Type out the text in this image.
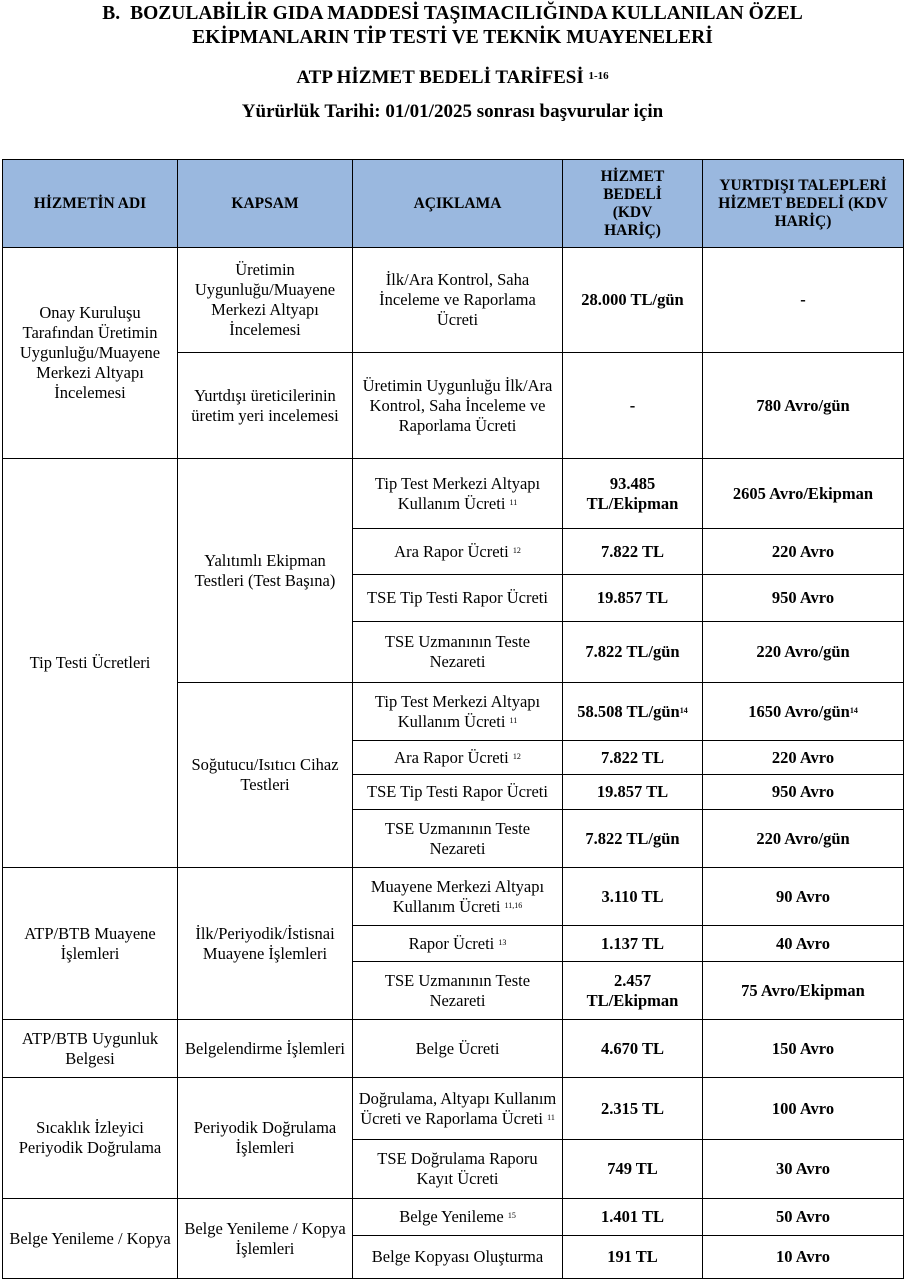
B. BOZULABİLİR GIDA MADDESİ TAŞIMACILIĞINDA KULLANILAN ÖZEL
EKİPMANLARIN TİP TESTİ VE TEKNİK MUAYENELERİ
ATP HİZMET BEDELİ TARİFESİ $^{1-16}$
Yürürlük Tarihi: 01/01/2025 sonrası başvurular için
HİZMETİN ADI	KAPSAM	AÇIKLAMA	HİZMET BEDELİ (KDV HARİÇ)	YURTDIŞI TALEPLERİ HİZMET BEDELİ (KDV HARİÇ)
Onay Kuruluşu Tarafından Üretimin Uygunluğu/Muayene Merkezi Altyapı İncelemesi	Üretimin Uygunluğu/Muayene Merkezi Altyapı İncelemesi	İlk/Ara Kontrol, Saha İnceleme ve Raporlama Ücreti	28.000 TL/gün	-
	Yurtdışı üreticilerinin üretim yeri incelemesi	Üretimin Uygunluğu İlk/Ara Kontrol, Saha İnceleme ve Raporlama Ücreti	-	780 Avro/gün
Tip Testi Ücretleri	Yalıtımlı Ekipman Testleri (Test Başına)	Tip Test Merkezi Altyapı Kullanım Ücreti $^{11}$	93.485 TL/Ekipman	2605 Avro/Ekipman
		Ara Rapor Ücreti $^{12}$	7.822 TL	220 Avro
		TSE Tip Testi Rapor Ücreti	19.857 TL	950 Avro
		TSE Uzmanının Teste Nezareti	7.822 TL/gün	220 Avro/gün
	Soğutucu/Isıtıcı Cihaz Testleri	Tip Test Merkezi Altyapı Kullanım Ücreti $^{11}$	58.508 TL/gün$^{14}$	1650 Avro/gün$^{14}$
		Ara Rapor Ücreti $^{12}$	7.822 TL	220 Avro
		TSE Tip Testi Rapor Ücreti	19.857 TL	950 Avro
		TSE Uzmanının Teste Nezareti	7.822 TL/gün	220 Avro/gün
ATP/BTB Muayene İşlemleri	İlk/Periyodik/İstisnai Muayene İşlemleri	Muayene Merkezi Altyapı Kullanım Ücreti $^{11,16}$	3.110 TL	90 Avro
		Rapor Ücreti $^{13}$	1.137 TL	40 Avro
		TSE Uzmanının Teste Nezareti	2.457 TL/Ekipman	75 Avro/Ekipman
ATP/BTB Uygunluk Belgesi	Belgelendirme İşlemleri	Belge Ücreti	4.670 TL	150 Avro
Sıcaklık İzleyici Periyodik Doğrulama	Periyodik Doğrulama İşlemleri	Doğrulama, Altyapı Kullanım Ücreti ve Raporlama Ücreti $^{11}$	2.315 TL	100 Avro
		TSE Doğrulama Raporu Kayıt Ücreti	749 TL	30 Avro
Belge Yenileme / Kopya	Belge Yenileme / Kopya İşlemleri	Belge Yenileme $^{15}$	1.401 TL	50 Avro
		Belge Kopyası Oluşturma	191 TL	10 Avro
